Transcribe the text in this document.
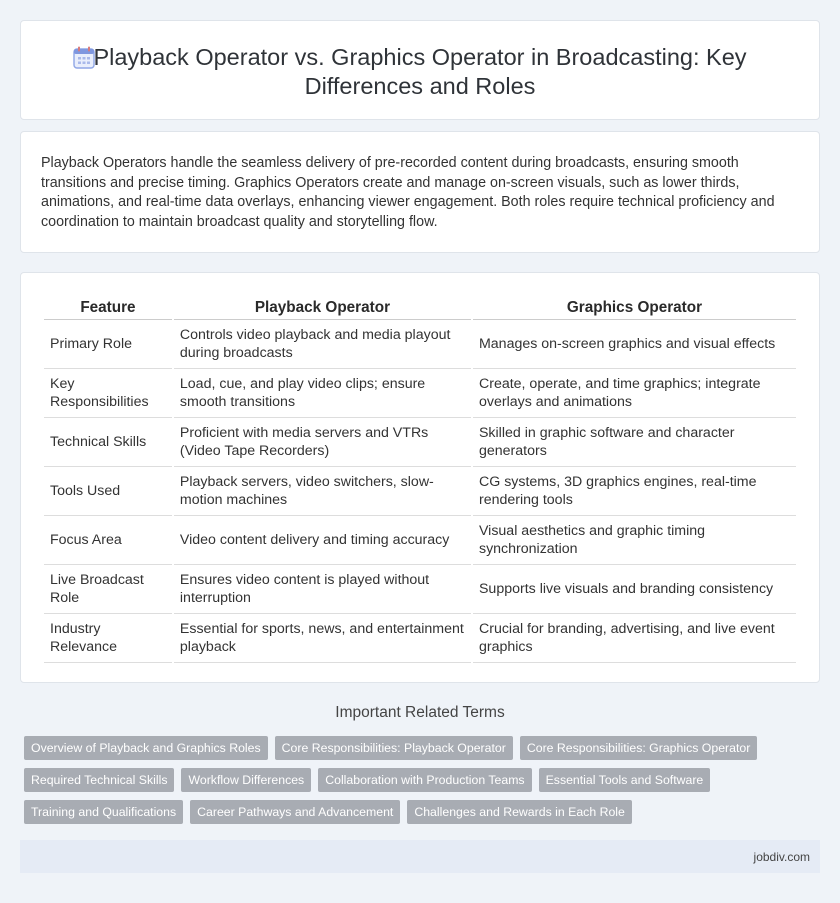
Playback Operator vs. Graphics Operator in Broadcasting: Key
Differences and Roles

Playback Operators handle the seamless delivery of pre-recorded content during broadcasts, ensuring smooth transitions and precise timing. Graphics Operators create and manage on-screen visuals, such as lower thirds, animations, and real-time data overlays, enhancing viewer engagement. Both roles require technical proficiency and coordination to maintain broadcast quality and storytelling flow.

Feature	Playback Operator	Graphics Operator
Primary Role	Controls video playback and media playout during broadcasts	Manages on-screen graphics and visual effects
Key Responsibilities	Load, cue, and play video clips; ensure smooth transitions	Create, operate, and time graphics; integrate overlays and animations
Technical Skills	Proficient with media servers and VTRs (Video Tape Recorders)	Skilled in graphic software and character generators
Tools Used	Playback servers, video switchers, slow-motion machines	CG systems, 3D graphics engines, real-time rendering tools
Focus Area	Video content delivery and timing accuracy	Visual aesthetics and graphic timing synchronization
Live Broadcast Role	Ensures video content is played without interruption	Supports live visuals and branding consistency
Industry Relevance	Essential for sports, news, and entertainment playback	Crucial for branding, advertising, and live event graphics
Important Related Terms
Overview of Playback and Graphics Roles	Core Responsibilities: Playback Operator	Core Responsibilities: Graphics Operator
Required Technical Skills	Workflow Differences	Collaboration with Production Teams	Essential Tools and Software
Training and Qualifications	Career Pathways and Advancement	Challenges and Rewards in Each Role
jobdiv.com
